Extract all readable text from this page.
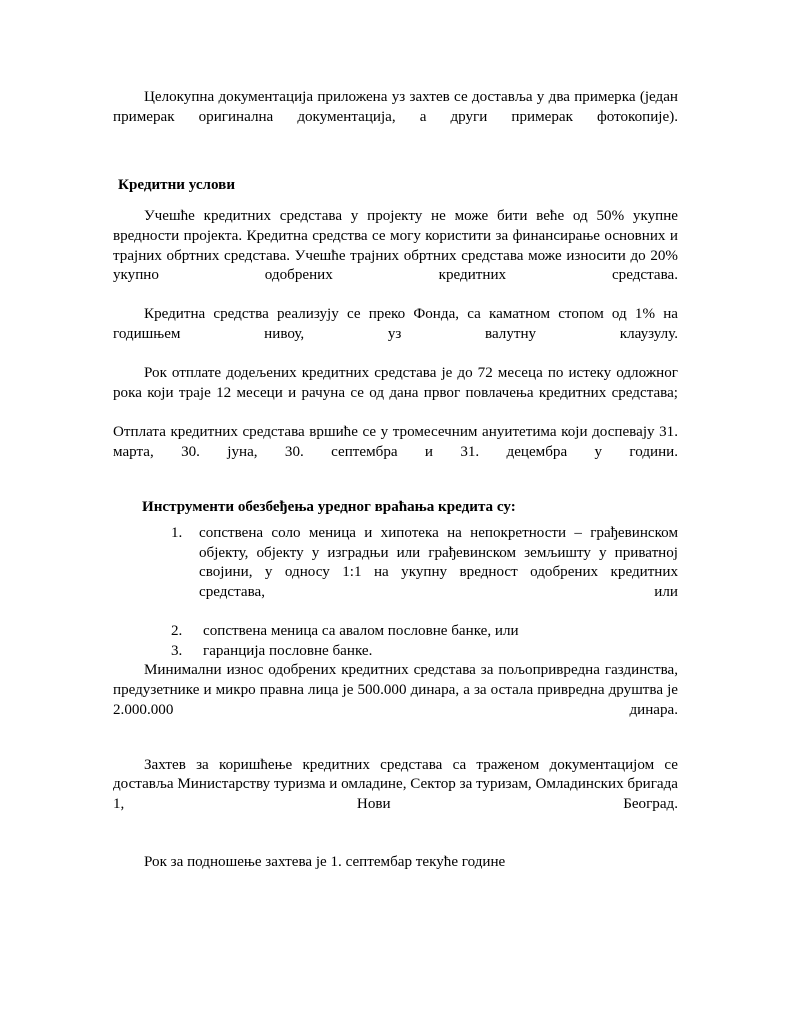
Целокупна документација приложена уз захтев се доставља у два примерка (један примерак оригинална документација, а други примерак фотокопије).

Кредитни услови

Учешће кредитних средстава у пројекту не може бити веће од 50% укупне вредности пројекта. Кредитна средства се могу користити за финансирање основних и трајних обртних средстава. Учешће трајних обртних средстава може износити до 20% укупно одобрених кредитних средстава.

Кредитна средства реализују се преко Фонда, са каматном стопом од 1% на годишњем нивоу, уз валутну клаузулу.

Рок отплате додељених кредитних средстава је до 72 месеца по истеку одложног рока који траје 12 месеци и рачуна се од дана првог повлачења кредитних средстава;

Отплата кредитних средстава вршиће се у тромесечним ануитетима који доспевају 31. марта, 30. јуна, 30. септембра и 31. децембра у години.

Инструменти обезбеђења уредног враћања кредита су:

1.	сопствена соло меница и хипотека на непокретности – грађевинском објекту, објекту у изградњи или грађевинском земљишту у приватној својини, у односу 1:1 на укупну вредност одобрених кредитних средстава, или
2.	сопствена меница са авалом пословне банке, или
3.	гаранција пословне банке.

Минимални износ одобрених кредитних средстава за пољопривредна газдинства, предузетнике и микро правна лица је 500.000 динара, а за остала привредна друштва је 2.000.000 динара.

Захтев за коришћење кредитних средстава са траженом документацијом се доставља Министарству туризма и омладине, Сектор за туризам, Омладинских бригада 1, Нови Београд.

Рок за подношење захтева је 1. септембар текуће године
